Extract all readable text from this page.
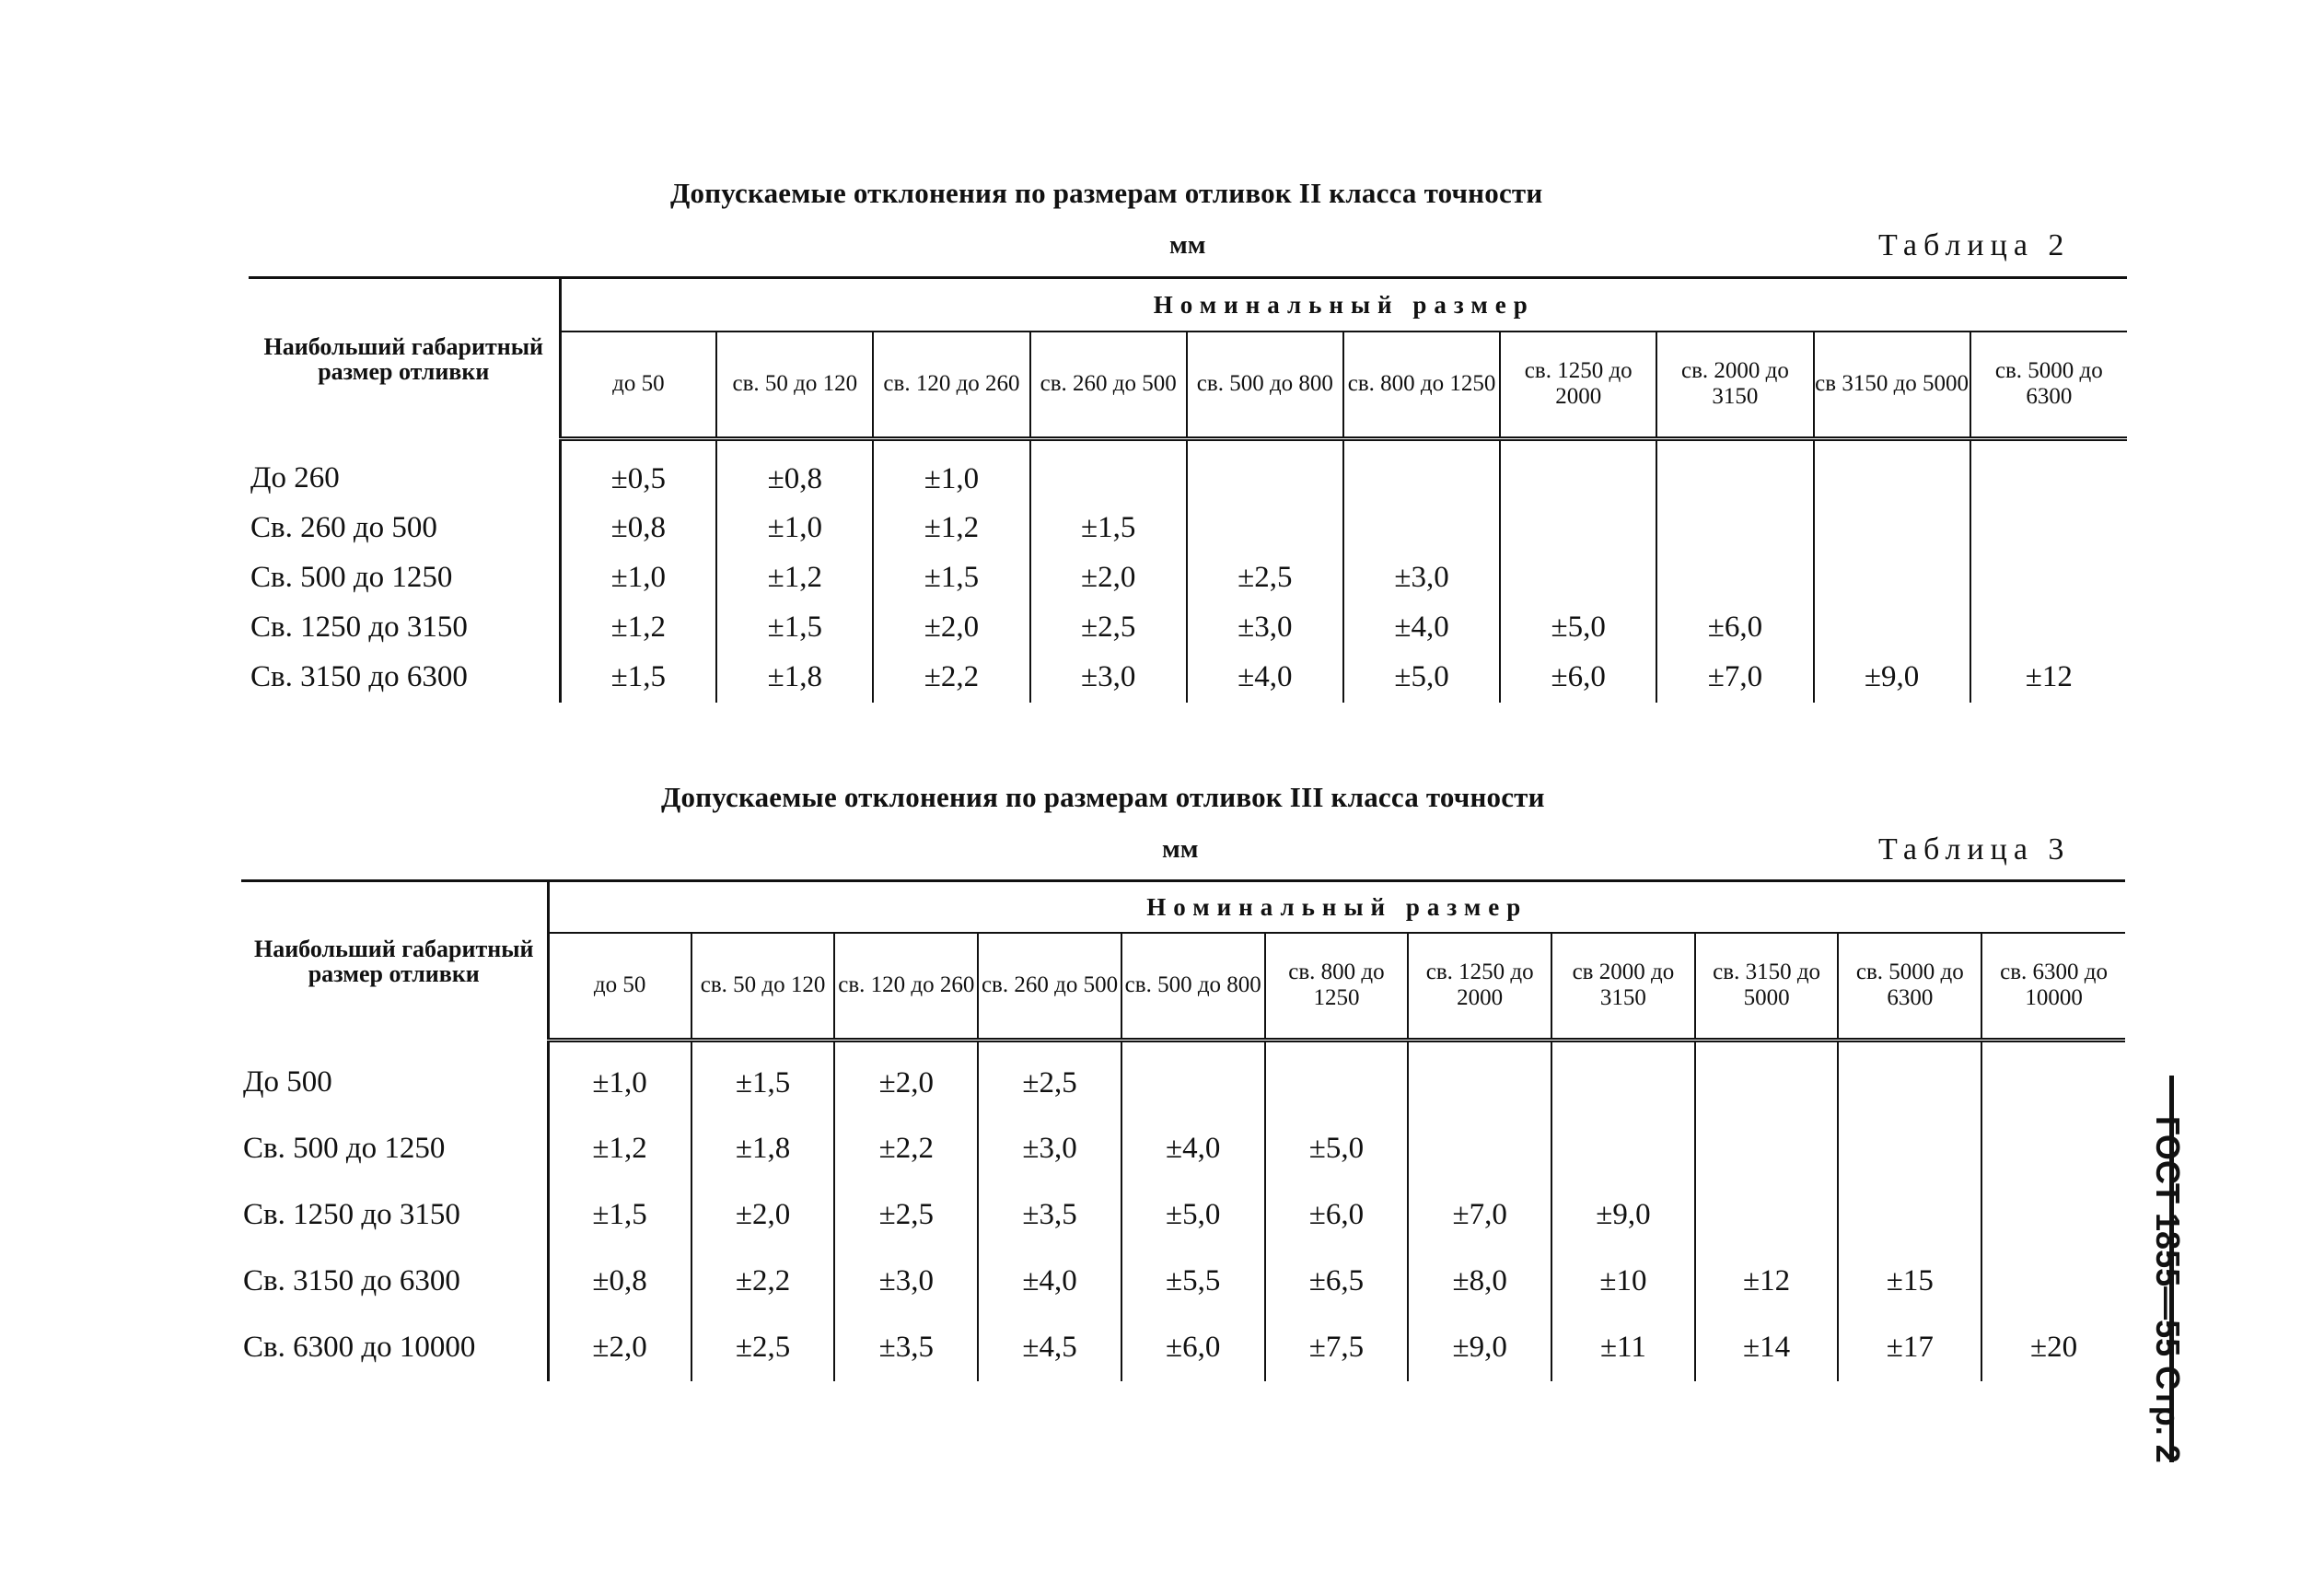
Допускаемые отклонения по размерам отливок II класса точности
мм	Таблица 2
Наибольший габаритный размер отливки	Номинальный размер									
	до 50	св. 50 до 120	св. 120 до 260	св. 260 до 500	св. 500 до 800	св. 800 до 1250	св. 1250 до 2000	св. 2000 до 3150	св 3150 до 5000	св. 5000 до 6300
До 260	±0,5	±0,8	±1,0							
Св. 260 до 500	±0,8	±1,0	±1,2	±1,5						
Св. 500 до 1250	±1,0	±1,2	±1,5	±2,0	±2,5	±3,0				
Св. 1250 до 3150	±1,2	±1,5	±2,0	±2,5	±3,0	±4,0	±5,0	±6,0		
Св. 3150 до 6300	±1,5	±1,8	±2,2	±3,0	±4,0	±5,0	±6,0	±7,0	±9,0	±12
Допускаемые отклонения по размерам отливок III класса точности
мм	Таблица 3
Наибольший габаритный размер отливки	Номинальный размер										
	до 50	св. 50 до 120	св. 120 до 260	св. 260 до 500	св. 500 до 800	св. 800 до 1250	св. 1250 до 2000	св 2000 до 3150	св. 3150 до 5000	св. 5000 до 6300	св. 6300 до 10000
До 500	±1,0	±1,5	±2,0	±2,5							
Св. 500 до 1250	±1,2	±1,8	±2,2	±3,0	±4,0	±5,0					
Св. 1250 до 3150	±1,5	±2,0	±2,5	±3,5	±5,0	±6,0	±7,0	±9,0			
Св. 3150 до 6300	±0,8	±2,2	±3,0	±4,0	±5,5	±6,5	±8,0	±10	±12	±15	
Св. 6300 до 10000	±2,0	±2,5	±3,5	±4,5	±6,0	±7,5	±9,0	±11	±14	±17	±20 ГОСТ 1855—55 Стр. 2
